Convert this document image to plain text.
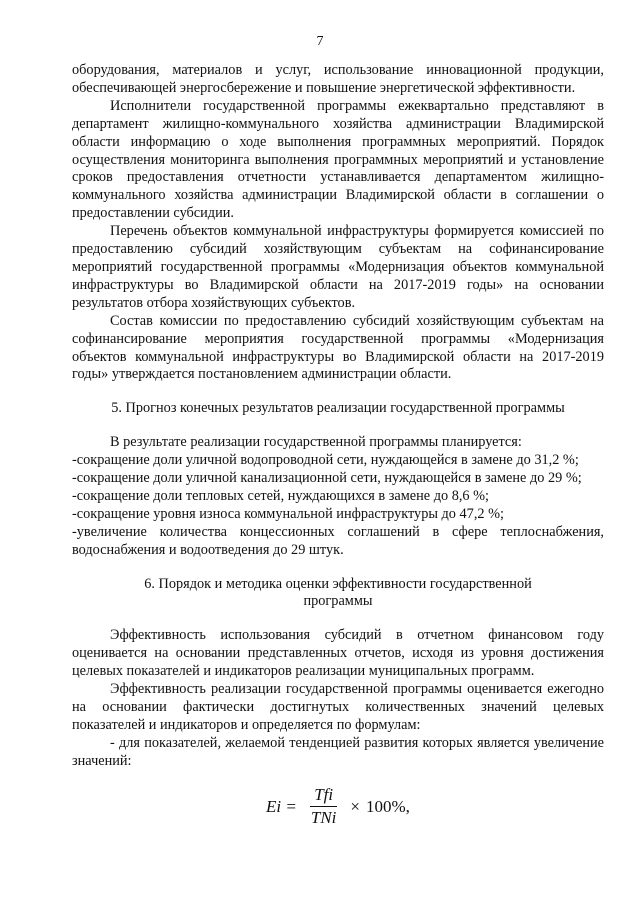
7

оборудования, материалов и услуг, использование инновационной продукции, обеспечивающей энергосбережение и повышение энергетической эффективности.

Исполнители государственной программы ежеквартально представляют в департамент жилищно-коммунального хозяйства администрации Владимирской области информацию о ходе выполнения программных мероприятий. Порядок осуществления мониторинга выполнения программных мероприятий и установление сроков предоставления отчетности устанавливается департаментом жилищно-коммунального хозяйства администрации Владимирской области в соглашении о предоставлении субсидии.

Перечень объектов коммунальной инфраструктуры формируется комиссией по предоставлению субсидий хозяйствующим субъектам на софинансирование мероприятий государственной программы «Модернизация объектов коммунальной инфраструктуры во Владимирской области на 2017-2019 годы» на основании результатов отбора хозяйствующих субъектов.

Состав комиссии по предоставлению субсидий хозяйствующим субъектам на софинансирование мероприятия государственной программы «Модернизация объектов коммунальной инфраструктуры во Владимирской области на 2017-2019 годы» утверждается постановлением администрации области.

5. Прогноз конечных результатов реализации государственной программы

В результате реализации государственной программы планируется:

-сокращение доли уличной водопроводной сети, нуждающейся в замене до 31,2 %;

-сокращение доли уличной канализационной сети, нуждающейся в замене до 29 %;

-сокращение доли тепловых сетей, нуждающихся в замене до 8,6 %;

-сокращение уровня износа коммунальной инфраструктуры до 47,2 %;

-увеличение количества концессионных соглашений в сфере теплоснабжения, водоснабжения и водоотведения до 29 штук.

6. Порядок и методика оценки эффективности государственной программы

Эффективность использования субсидий в отчетном финансовом году оценивается на основании представленных отчетов, исходя из уровня достижения целевых показателей и индикаторов реализации муниципальных программ.

Эффективность реализации государственной программы оценивается ежегодно на основании фактически достигнутых количественных значений целевых показателей и индикаторов и определяется по формулам:

- для показателей, желаемой тенденцией развития которых является увеличение значений:

$Ei = \frac{\text{Tfi}}{\text{TNi}} \times 100\%$,
